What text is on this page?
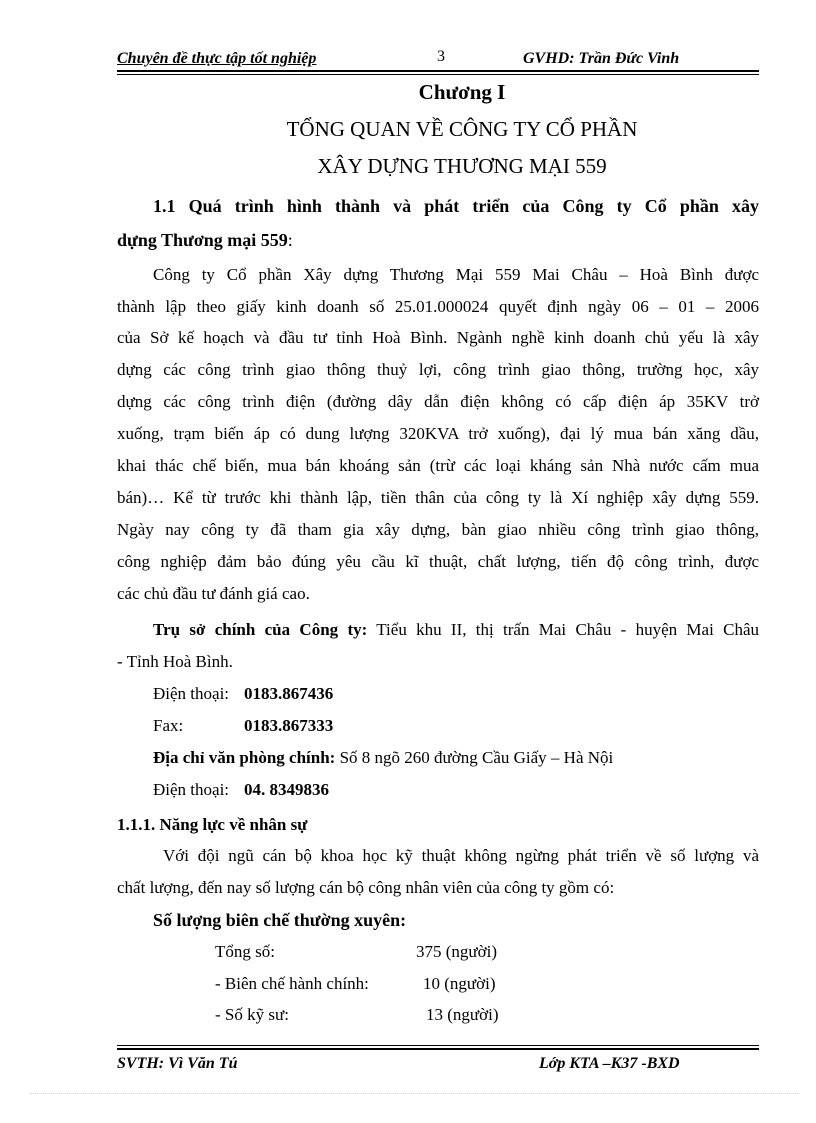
Chuyên đề thực tập tốt nghiệp	3	GVHD: Trần Đức Vinh
Chương I
TỔNG QUAN VỀ CÔNG TY CỔ PHẦN
XÂY DỰNG THƯƠNG MẠI 559
1.1 Quá trình hình thành và phát triển của Công ty Cổ phần xây
dựng Thương mại 559:
Công ty Cổ phần Xây dựng Thương Mại 559 Mai Châu – Hoà Bình được
thành lập theo giấy kinh doanh số 25.01.000024 quyết định ngày 06 – 01 – 2006
của Sở kế hoạch và đầu tư tỉnh Hoà Bình. Ngành nghề kinh doanh chủ yếu là xây
dựng các công trình giao thông thuỷ lợi, công trình giao thông, trường học, xây
dựng các công trình điện (đường dây dẫn điện không có cấp điện áp 35KV trở
xuống, trạm biến áp có dung lượng 320KVA trở xuống), đại lý mua bán xăng dầu,
khai thác chế biến, mua bán khoáng sản (trừ các loại kháng sản Nhà nước cấm mua
bán)… Kể từ trước khi thành lập, tiền thân của công ty là Xí nghiệp xây dựng 559.
Ngày nay công ty đã tham gia xây dựng, bàn giao nhiều công trình giao thông,
công nghiệp đảm bảo đúng yêu cầu kĩ thuật, chất lượng, tiến độ công trình, được
các chủ đầu tư đánh giá cao.
Trụ sở chính của Công ty: Tiểu khu II, thị trấn Mai Châu - huyện Mai Châu
- Tỉnh Hoà Bình.
Điện thoại: 0183.867436
Fax:	0183.867333
Địa chỉ văn phòng chính: Số 8 ngõ 260 đường Cầu Giấy – Hà Nội
Điện thoại: 04. 8349836
1.1.1. Năng lực về nhân sự
Với đội ngũ cán bộ khoa học kỹ thuật không ngừng phát triển về số lượng và
chất lượng, đến nay số lượng cán bộ công nhân viên của công ty gồm có:
Số lượng biên chế thường xuyên:
Tổng số:	375 (người)
- Biên chế hành chính:	10 (người)
- Số kỹ sư:	13 (người)
SVTH: Vì Văn Tú	Lớp KTA –K37 -BXD
